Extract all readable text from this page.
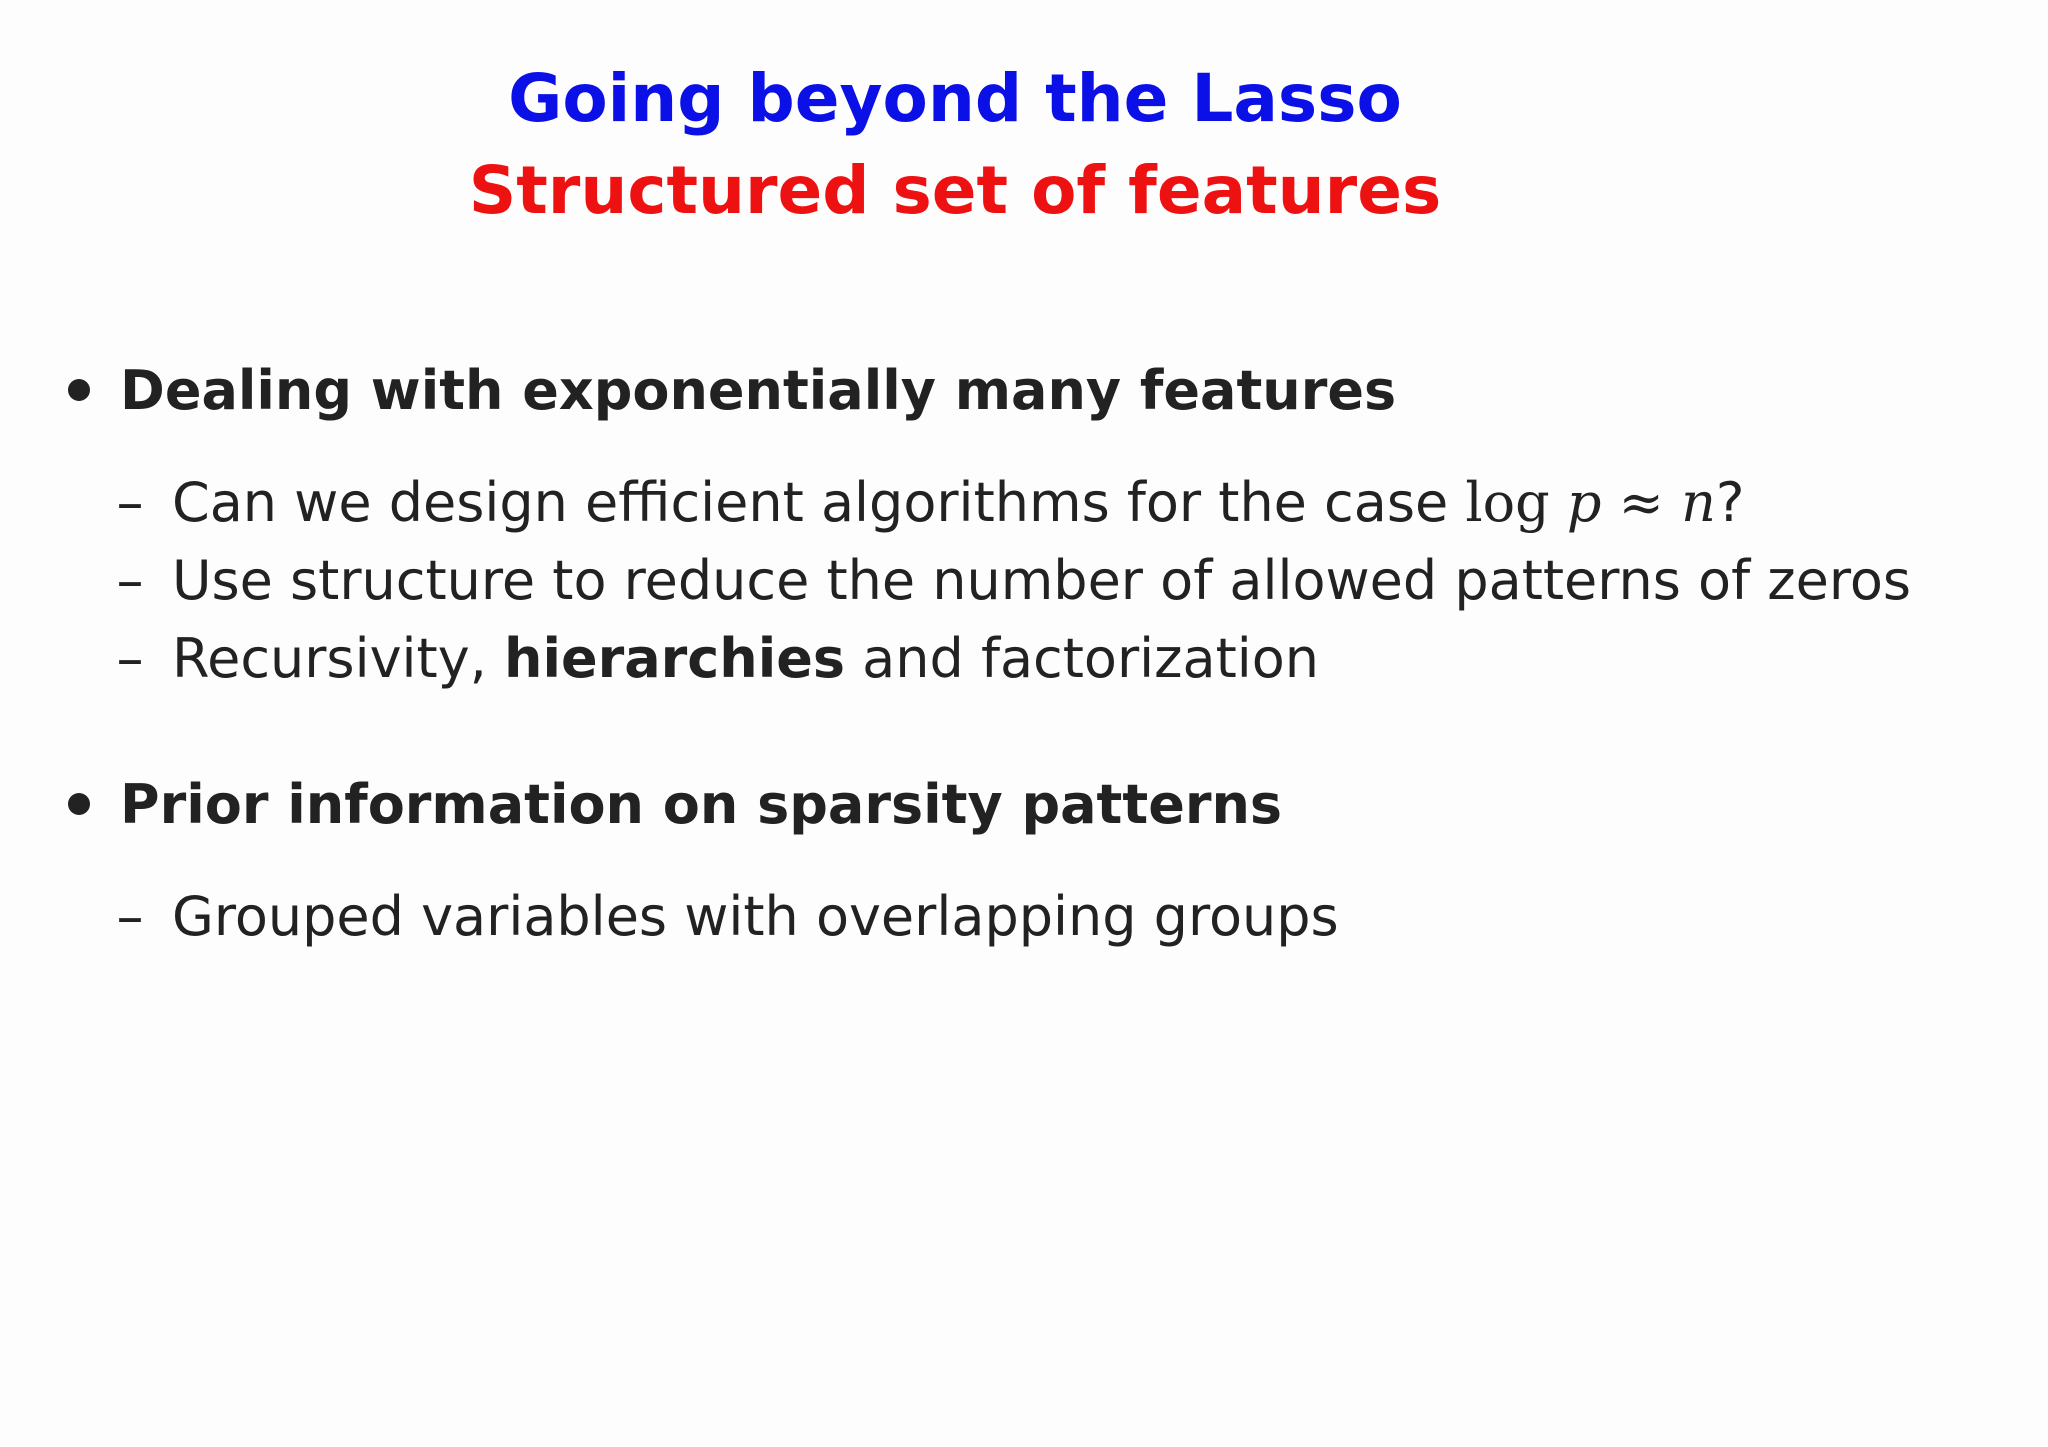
Going beyond the Lasso
Structured set of features
Dealing with exponentially many features
– Can we design efficient algorithms for the case log p ≈ n?
– Use structure to reduce the number of allowed patterns of zeros
– Recursivity, hierarchies and factorization
Prior information on sparsity patterns
– Grouped variables with overlapping groups
